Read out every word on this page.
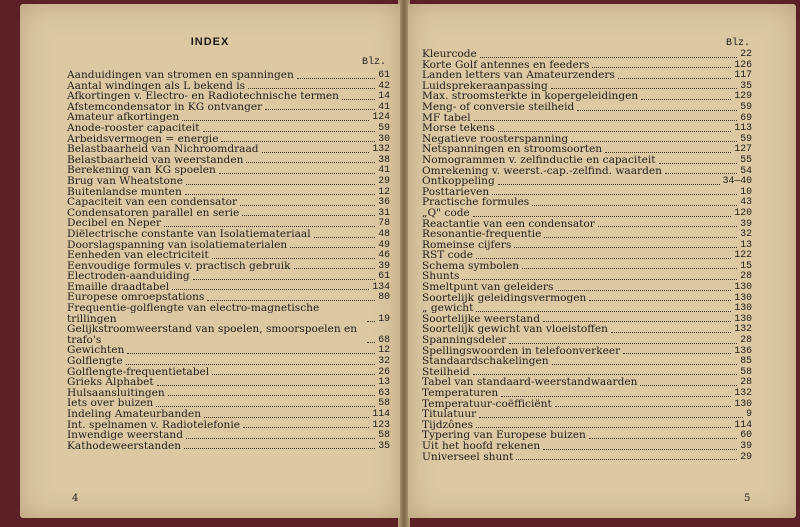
INDEX
Blz.
Aanduidingen van stromen en spanningen	61
Aantal windingen als L bekend is	42
Afkortingen v. Electro- en Radiotechnische termen	14
Afstemcondensator in KG ontvanger	41
Amateur afkortingen	124
Anode-rooster capaciteit	59
Arbeidsvermogen = energie	30
Belastbaarheid van Nichroomdraad	132
Belastbaarheid van weerstanden	38
Berekening van KG spoelen	41
Brug van Wheatstone	29
Buitenlandse munten	12
Capaciteit van een condensator	36
Condensatoren parallel en serie	31
Decibel en Neper	78
Diëlectrische constante van Isolatiemateriaal	48
Doorslagspanning van isolatiematerialen	49
Eenheden van electriciteit	46
Eenvoudige formules v. practisch gebruik	39
Electroden-aanduiding	61
Emaille draadtabel	134
Europese omroepstations	80
Frequentie-golflengte van electro-magnetische trillingen	19
Gelijkstroomweerstand van spoelen, smoorspoelen en trafo's	68
Gewichten	12
Golflengte	32
Golflengte-frequentietabel	26
Grieks Alphabet	13
Hulsaansluitingen	63
Iets over buizen	58
Indeling Amateurbanden	114
Int. spelnamen v. Radiotelefonie	123
Inwendige weerstand	58
Kathodeweerstanden	35
4
Blz.
Kleurcode	22
Korte Golf antennes en feeders	126
Landen letters van Amateurzenders	117
Luidsprekeraanpassing	35
Max. stroomsterkte in kopergeleidingen	129
Meng- of conversie steilheid	59
MF tabel	69
Morse tekens	113
Negatieve roosterspanning	59
Netspanningen en stroomsoorten	127
Nomogrammen v. zelfinductie en capaciteit	55
Omrekening v. weerst.-cap.-zelfind. waarden	54
Ontkoppeling	34—40
Posttarieven	10
Practische formules	43
„Q" code	120
Reactantie van een condensator	39
Resonantie-frequentie	32
Romeinse cijfers	13
RST code	122
Schema symbolen	15
Shunts	28
Smeltpunt van geleiders	130
Soortelijk geleidingsvermogen	130
„ gewicht	130
Soortelijke weerstand	130
Soortelijk gewicht van vloeistoffen	132
Spanningsdeler	28
Spellingswoorden in telefoonverkeer	136
Standaardschakelingen	85
Steilheid	58
Tabel van standaard-weerstandwaarden	28
Temperaturen	132
Temperatuur-coëfficiënt	130
Titulatuur	9
Tijdzônes	114
Typering van Europese buizen	60
Uit het hoofd rekenen	39
Universeel shunt	29
5
